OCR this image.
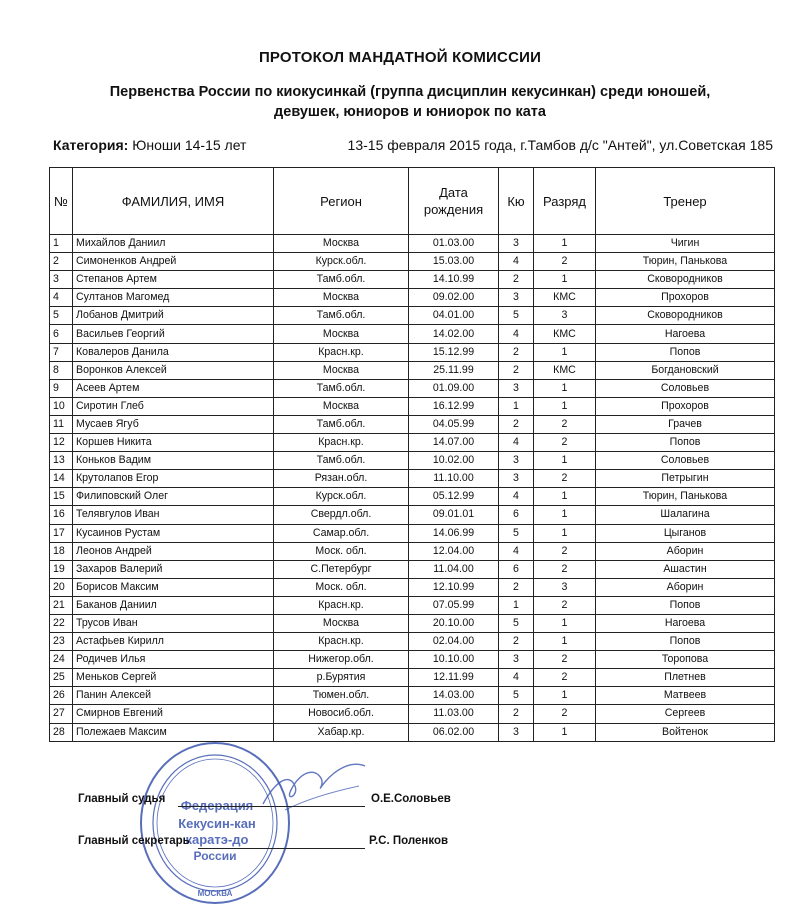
ПРОТОКОЛ МАНДАТНОЙ КОМИССИИ
Первенства России по киокусинкай (группа дисциплин кекусинкан) среди юношей,
девушек, юниоров и юниорок по ката
Категория: Юноши 14-15 лет	13-15 февраля 2015 года, г.Тамбов д/с "Антей", ул.Советская 185
№	ФАМИЛИЯ, ИМЯ	Регион	Дата рождения	Кю	Разряд	Тренер
1	Михайлов Даниил	Москва	01.03.00	3	1	Чигин
2	Симоненков Андрей	Курск.обл.	15.03.00	4	2	Тюрин, Панькова
3	Степанов Артем	Тамб.обл.	14.10.99	2	1	Сковородников
4	Султанов Магомед	Москва	09.02.00	3	КМС	Прохоров
5	Лобанов Дмитрий	Тамб.обл.	04.01.00	5	3	Сковородников
6	Васильев Георгий	Москва	14.02.00	4	КМС	Нагоева
7	Ковалеров Данила	Красн.кр.	15.12.99	2	1	Попов
8	Воронков Алексей	Москва	25.11.99	2	КМС	Богдановский
9	Асеев Артем	Тамб.обл.	01.09.00	3	1	Соловьев
10	Сиротин Глеб	Москва	16.12.99	1	1	Прохоров
11	Мусаев Ягуб	Тамб.обл.	04.05.99	2	2	Грачев
12	Коршев Никита	Красн.кр.	14.07.00	4	2	Попов
13	Коньков Вадим	Тамб.обл.	10.02.00	3	1	Соловьев
14	Крутолапов Егор	Рязан.обл.	11.10.00	3	2	Петрыгин
15	Филиповский Олег	Курск.обл.	05.12.99	4	1	Тюрин, Панькова
16	Телявгулов Иван	Свердл.обл.	09.01.01	6	1	Шалагина
17	Кусаинов Рустам	Самар.обл.	14.06.99	5	1	Цыганов
18	Леонов Андрей	Моск. обл.	12.04.00	4	2	Аборин
19	Захаров Валерий	С.Петербург	11.04.00	6	2	Ашастин
20	Борисов Максим	Моск. обл.	12.10.99	2	3	Аборин
21	Баканов Даниил	Красн.кр.	07.05.99	1	2	Попов
22	Трусов Иван	Москва	20.10.00	5	1	Нагоева
23	Астафьев Кирилл	Красн.кр.	02.04.00	2	1	Попов
24	Родичев Илья	Нижегор.обл.	10.10.00	3	2	Торопова
25	Меньков Сергей	р.Бурятия	12.11.99	4	2	Плетнев
26	Панин Алексей	Тюмен.обл.	14.03.00	5	1	Матвеев
27	Смирнов Евгений	Новосиб.обл.	11.03.00	2	2	Сергеев
28	Полежаев Максим	Хабар.кр.	06.02.00	3	1	Войтенок
Федерация
Кекусин-кан
каратэ-до
России
МОСКВА
Главный судья	О.Е.Соловьев
Главный секретарь	Р.С. Поленков
